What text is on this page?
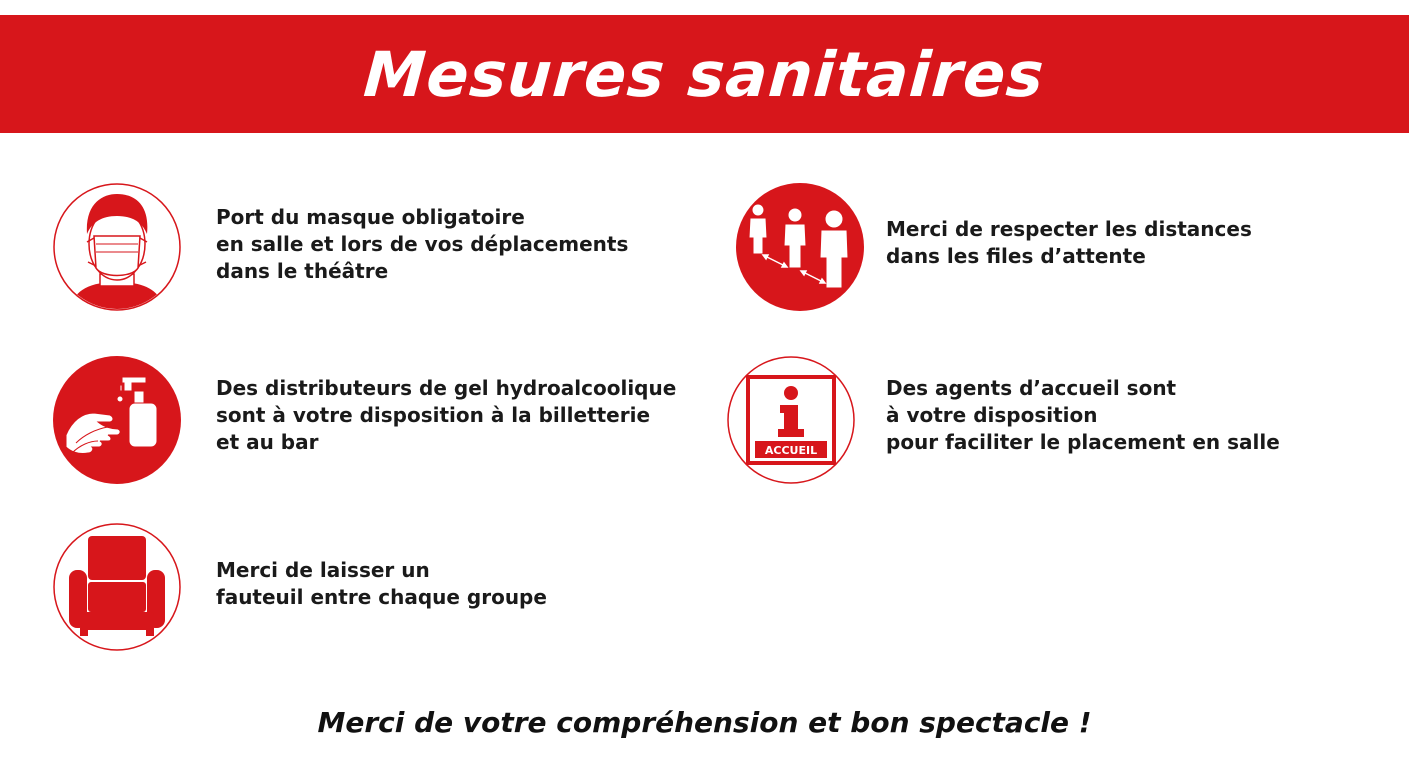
Mesures sanitaires
Port du masque obligatoire
en salle et lors de vos déplacements
dans le théâtre
Merci de respecter les distances
dans les files d’attente
Des distributeurs de gel hydroalcoolique
sont à votre disposition à la billetterie
et au bar	ACCUEIL
Des agents d’accueil sont
à votre disposition
pour faciliter le placement en salle
Merci de laisser un
fauteuil entre chaque groupe
Merci de votre compréhension et bon spectacle !
